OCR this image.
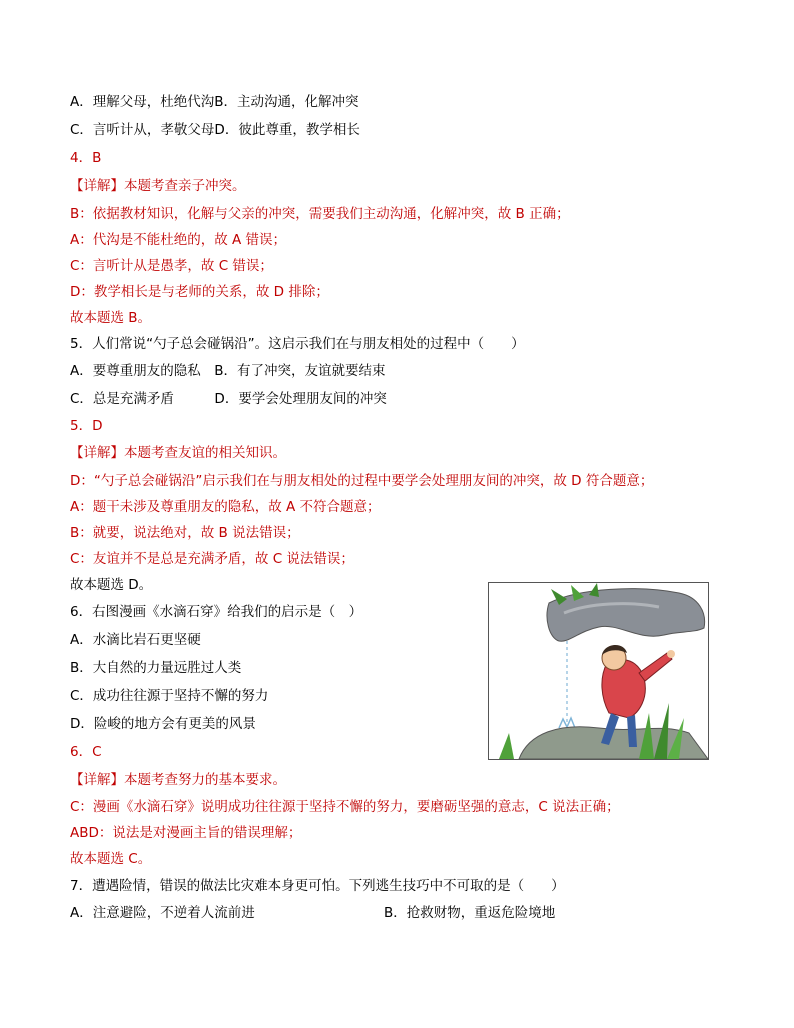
A．理解父母，杜绝代沟B．主动沟通，化解冲突
C．言听计从，孝敬父母D．彼此尊重，教学相长
4．B
【详解】本题考查亲子冲突。
B：依据教材知识，化解与父亲的冲突，需要我们主动沟通，化解冲突，故 B 正确；
A：代沟是不能杜绝的，故 A 错误；
C：言听计从是愚孝，故 C 错误；
D：教学相长是与老师的关系，故 D 排除；
故本题选 B。
5．人们常说“勺子总会碰锅沿”。这启示我们在与朋友相处的过程中（　　）
A．要尊重朋友的隐私　B．有了冲突，友谊就要结束
C．总是充满矛盾　　　D．要学会处理朋友间的冲突
5．D
【详解】本题考查友谊的相关知识。
D：“勺子总会碰锅沿”启示我们在与朋友相处的过程中要学会处理朋友间的冲突，故 D 符合题意；
A：题干未涉及尊重朋友的隐私，故 A 不符合题意；
B：就要，说法绝对，故 B 说法错误；
C：友谊并不是总是充满矛盾，故 C 说法错误；
故本题选 D。
6．右图漫画《水滴石穿》给我们的启示是（　）
A．水滴比岩石更坚硬
B．大自然的力量远胜过人类
C．成功往往源于坚持不懈的努力
D．险峻的地方会有更美的风景
6．C
【详解】本题考查努力的基本要求。
C：漫画《水滴石穿》说明成功往往源于坚持不懈的努力，要磨砺坚强的意志，C 说法正确；
ABD：说法是对漫画主旨的错误理解；
故本题选 C。
7．遭遇险情，错误的做法比灾难本身更可怕。下列逃生技巧中不可取的是（　　）
A．注意避险，不逆着人流前进	B．抢救财物，重返危险境地
